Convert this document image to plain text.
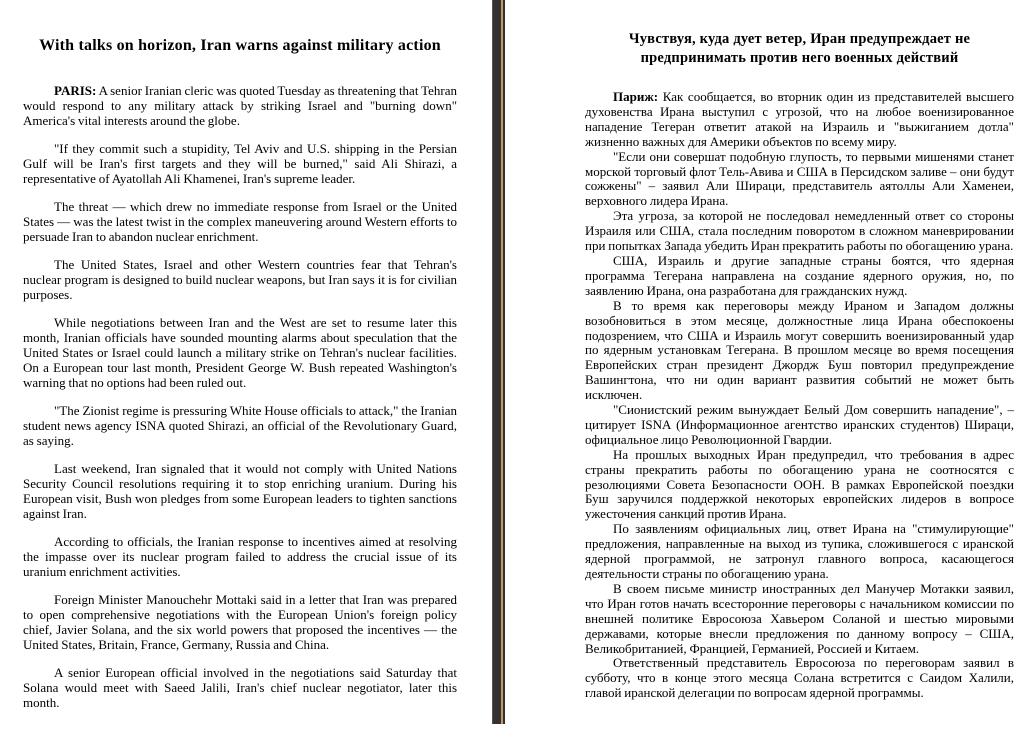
With talks on horizon, Iran warns against military action

PARIS: A senior Iranian cleric was quoted Tuesday as threatening that Tehran would respond to any military attack by striking Israel and "burning down" America's vital interests around the globe.

"If they commit such a stupidity, Tel Aviv and U.S. shipping in the Persian Gulf will be Iran's first targets and they will be burned," said Ali Shirazi, a representative of Ayatollah Ali Khamenei, Iran's supreme leader.

The threat — which drew no immediate response from Israel or the United States — was the latest twist in the complex maneuvering around Western efforts to persuade Iran to abandon nuclear enrichment.

The United States, Israel and other Western countries fear that Tehran's nuclear program is designed to build nuclear weapons, but Iran says it is for civilian purposes.

While negotiations between Iran and the West are set to resume later this month, Iranian officials have sounded mounting alarms about speculation that the United States or Israel could launch a military strike on Tehran's nuclear facilities. On a European tour last month, President George W. Bush repeated Washington's warning that no options had been ruled out.

"The Zionist regime is pressuring White House officials to attack," the Iranian student news agency ISNA quoted Shirazi, an official of the Revolutionary Guard, as saying.

Last weekend, Iran signaled that it would not comply with United Nations Security Council resolutions requiring it to stop enriching uranium. During his European visit, Bush won pledges from some European leaders to tighten sanctions against Iran.

According to officials, the Iranian response to incentives aimed at resolving the impasse over its nuclear program failed to address the crucial issue of its uranium enrichment activities.

Foreign Minister Manouchehr Mottaki said in a letter that Iran was prepared to open comprehensive negotiations with the European Union's foreign policy chief, Javier Solana, and the six world powers that proposed the incentives — the United States, Britain, France, Germany, Russia and China.

A senior European official involved in the negotiations said Saturday that Solana would meet with Saeed Jalili, Iran's chief nuclear negotiator, later this month.

Чувствуя, куда дует ветер, Иран предупреждает не предпринимать против него военных действий

Париж: Как сообщается, во вторник один из представителей высшего духовенства Ирана выступил с угрозой, что на любое военизированное нападение Тегеран ответит атакой на Израиль и "выжиганием дотла" жизненно важных для Америки объектов по всему миру.

"Если они совершат подобную глупость, то первыми мишенями станет морской торговый флот Тель-Авива и США в Персидском заливе – они будут сожжены" – заявил Али Шираци, представитель аятоллы Али Хаменеи, верховного лидера Ирана.

Эта угроза, за которой не последовал немедленный ответ со стороны Израиля или США, стала последним поворотом в сложном маневрировании при попытках Запада убедить Иран прекратить работы по обогащению урана.

США, Израиль и другие западные страны боятся, что ядерная программа Тегерана направлена на создание ядерного оружия, но, по заявлению Ирана, она разработана для гражданских нужд.

В то время как переговоры между Ираном и Западом должны возобновиться в этом месяце, должностные лица Ирана обеспокоены подозрением, что США и Израиль могут совершить военизированный удар по ядерным установкам Тегерана. В прошлом месяце во время посещения Европейских стран президент Джордж Буш повторил предупреждение Вашингтона, что ни один вариант развития событий не может быть исключен.

"Сионистский режим вынуждает Белый Дом совершить нападение", – цитирует ISNA (Информационное агентство иранских студентов) Шираци, официальное лицо Революционной Гвардии.

На прошлых выходных Иран предупредил, что требования в адрес страны прекратить работы по обогащению урана не соотносятся с резолюциями Совета Безопасности ООН. В рамках Европейской поездки Буш заручился поддержкой некоторых европейских лидеров в вопросе ужесточения санкций против Ирана.

По заявлениям официальных лиц, ответ Ирана на "стимулирующие" предложения, направленные на выход из тупика, сложившегося с иранской ядерной программой, не затронул главного вопроса, касающегося деятельности страны по обогащению урана.

В своем письме министр иностранных дел Манучер Мотакки заявил, что Иран готов начать всесторонние переговоры с начальником комиссии по внешней политике Евросоюза Хавьером Соланой и шестью мировыми державами, которые внесли предложения по данному вопросу – США, Великобританией, Францией, Германией, Россией и Китаем.

Ответственный представитель Евросоюза по переговорам заявил в субботу, что в конце этого месяца Солана встретится с Саидом Халили, главой иранской делегации по вопросам ядерной программы.
